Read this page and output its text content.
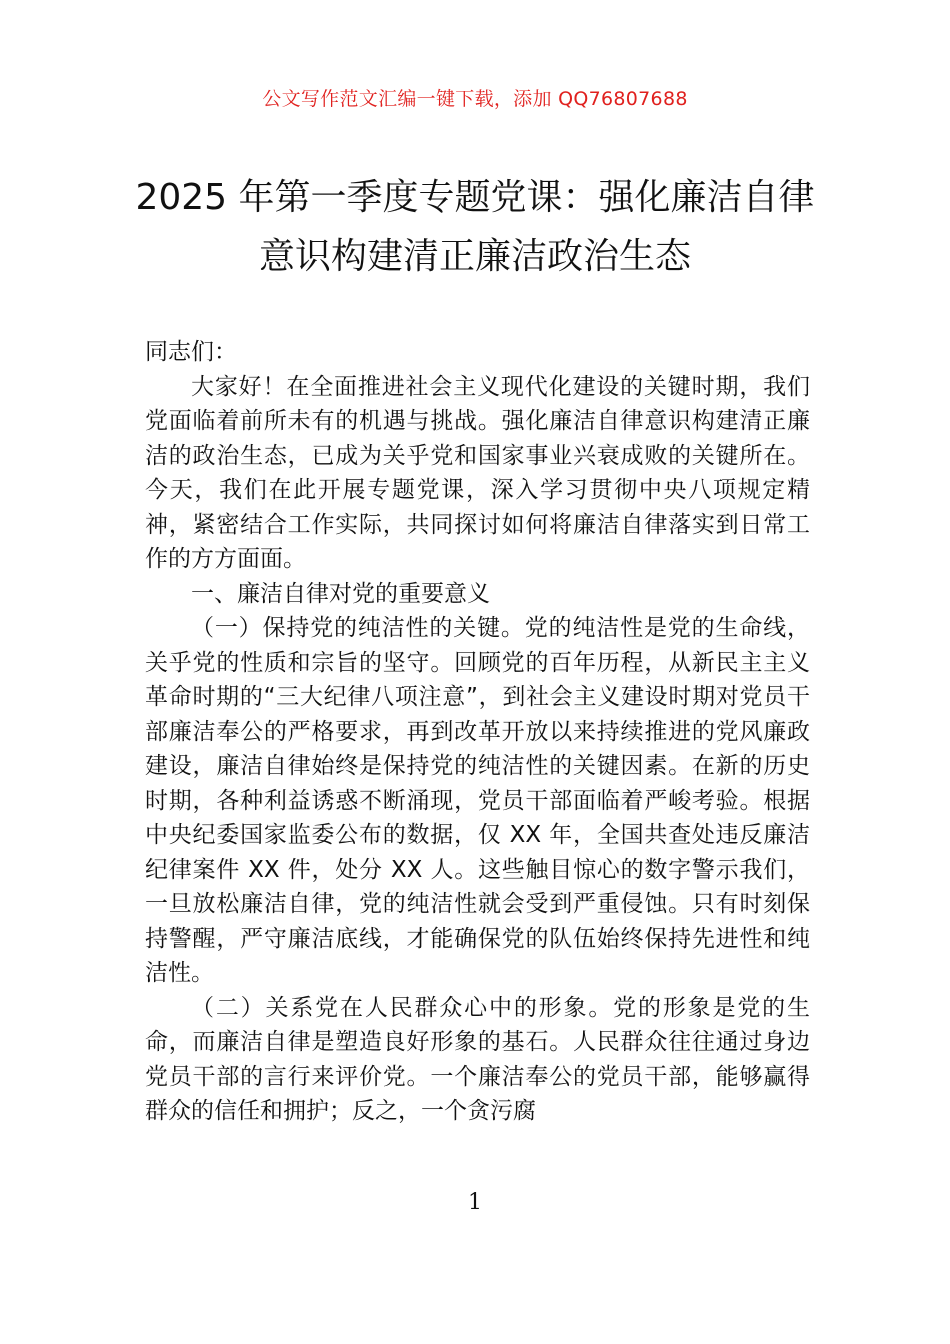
公文写作范文汇编一键下载，添加 QQ76807688
2025 年第一季度专题党课：强化廉洁自律
意识构建清正廉洁政治生态

同志们：

大家好！在全面推进社会主义现代化建设的关键时期，我们党面临着前所未有的机遇与挑战。强化廉洁自律意识构建清正廉洁的政治生态，已成为关乎党和国家事业兴衰成败的关键所在。今天，我们在此开展专题党课，深入学习贯彻中央八项规定精神，紧密结合工作实际，共同探讨如何将廉洁自律落实到日常工作的方方面面。

一、廉洁自律对党的重要意义

（一）保持党的纯洁性的关键。党的纯洁性是党的生命线，关乎党的性质和宗旨的坚守。回顾党的百年历程，从新民主主义革命时期的“三大纪律八项注意”，到社会主义建设时期对党员干部廉洁奉公的严格要求，再到改革开放以来持续推进的党风廉政建设，廉洁自律始终是保持党的纯洁性的关键因素。在新的历史时期，各种利益诱惑不断涌现，党员干部面临着严峻考验。根据中央纪委国家监委公布的数据，仅 XX 年，全国共查处违反廉洁纪律案件 XX 件，处分 XX 人。这些触目惊心的数字警示我们，一旦放松廉洁自律，党的纯洁性就会受到严重侵蚀。只有时刻保持警醒，严守廉洁底线，才能确保党的队伍始终保持先进性和纯洁性。

（二）关系党在人民群众心中的形象。党的形象是党的生命，而廉洁自律是塑造良好形象的基石。人民群众往往通过身边党员干部的言行来评价党。一个廉洁奉公的党员干部，能够赢得群众的信任和拥护；反之，一个贪污腐

1
